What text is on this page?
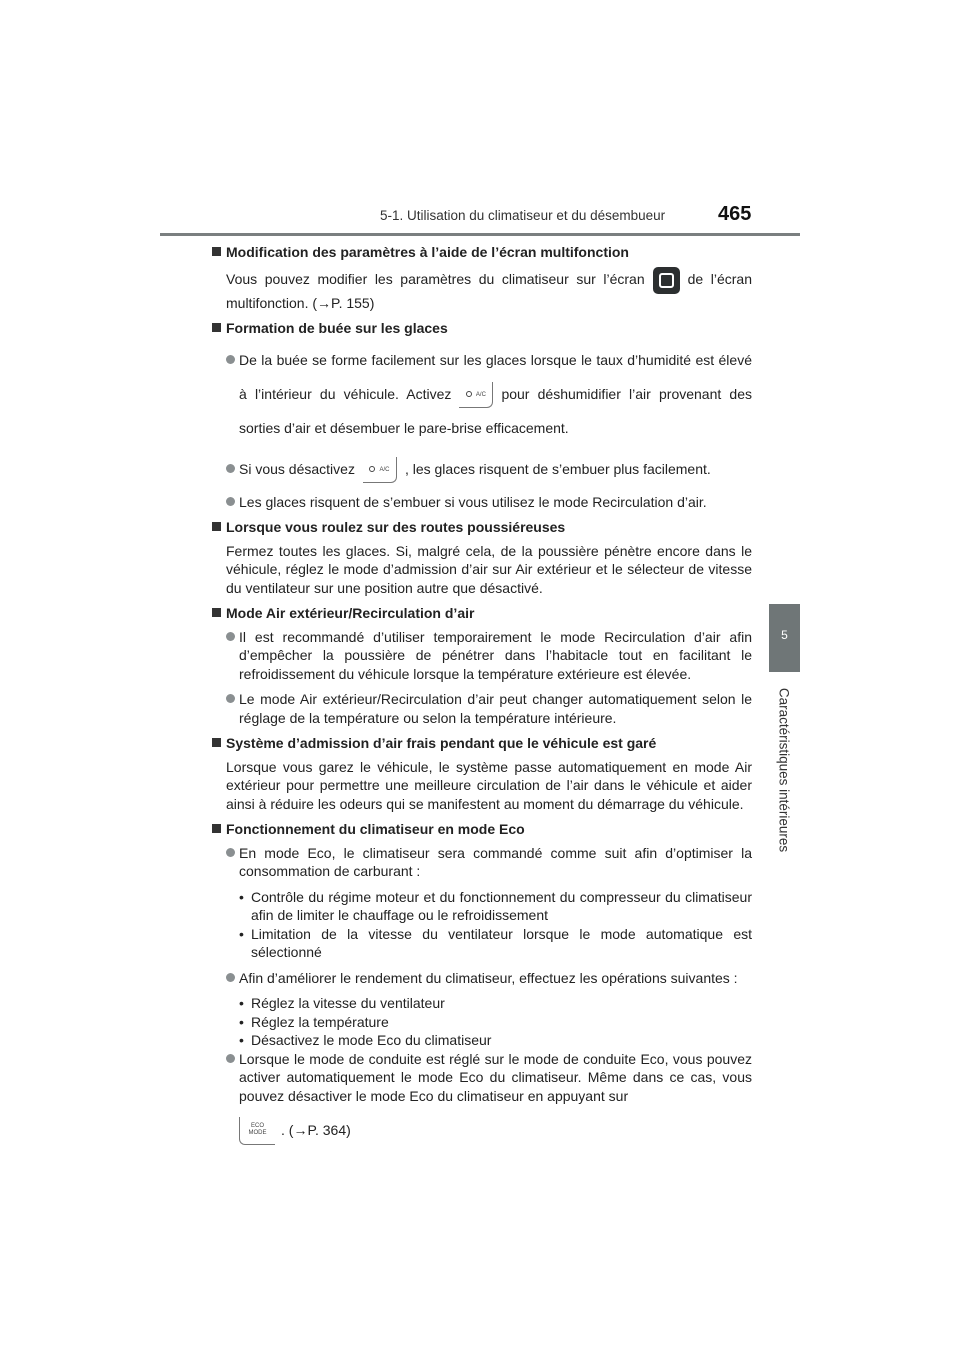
5-1. Utilisation du climatiseur et du désembueur	465
5
Caractéristiques intérieures
Modification des paramètres à l’aide de l’écran multifonction
Vous pouvez modifier les paramètres du climatiseur sur l’écran	de l’écran multifonction. (→P. 155)
Formation de buée sur les glaces
De la buée se forme facilement sur les glaces lorsque le taux d’humidité est élevé à l’intérieur du véhicule. Activez	A/C pour déshumidifier l’air provenant des sorties d’air et désembuer le pare-brise efficacement.
Si vous désactivez	A/C , les glaces risquent de s’embuer plus facilement.
Les glaces risquent de s’embuer si vous utilisez le mode Recirculation d’air.
Lorsque vous roulez sur des routes poussiéreuses
Fermez toutes les glaces. Si, malgré cela, de la poussière pénètre encore dans le véhicule, réglez le mode d’admission d’air sur Air extérieur et le sélecteur de vitesse du ventilateur sur une position autre que désactivé.
Mode Air extérieur/Recirculation d’air
Il est recommandé d’utiliser temporairement le mode Recirculation d’air afin d’empêcher la poussière de pénétrer dans l’habitacle tout en facilitant le refroidissement du véhicule lorsque la température extérieure est élevée.
Le mode Air extérieur/Recirculation d’air peut changer automatiquement selon le réglage de la température ou selon la température intérieure.
Système d’admission d’air frais pendant que le véhicule est garé
Lorsque vous garez le véhicule, le système passe automatiquement en mode Air extérieur pour permettre une meilleure circulation de l’air dans le véhicule et aider ainsi à réduire les odeurs qui se manifestent au moment du démarrage du véhicule.
Fonctionnement du climatiseur en mode Eco
En mode Eco, le climatiseur sera commandé comme suit afin d’optimiser la consommation de carburant :
• Contrôle du régime moteur et du fonctionnement du compresseur du climatiseur afin de limiter le chauffage ou le refroidissement
• Limitation de la vitesse du ventilateur lorsque le mode automatique est sélectionné
Afin d’améliorer le rendement du climatiseur, effectuez les opérations suivantes :
• Réglez la vitesse du ventilateur
• Réglez la température
• Désactivez le mode Eco du climatiseur
Lorsque le mode de conduite est réglé sur le mode de conduite Eco, vous pouvez activer automatiquement le mode Eco du climatiseur. Même dans ce cas, vous pouvez désactiver le mode Eco du climatiseur en appuyant sur
ECO
MODE . (→P. 364)
